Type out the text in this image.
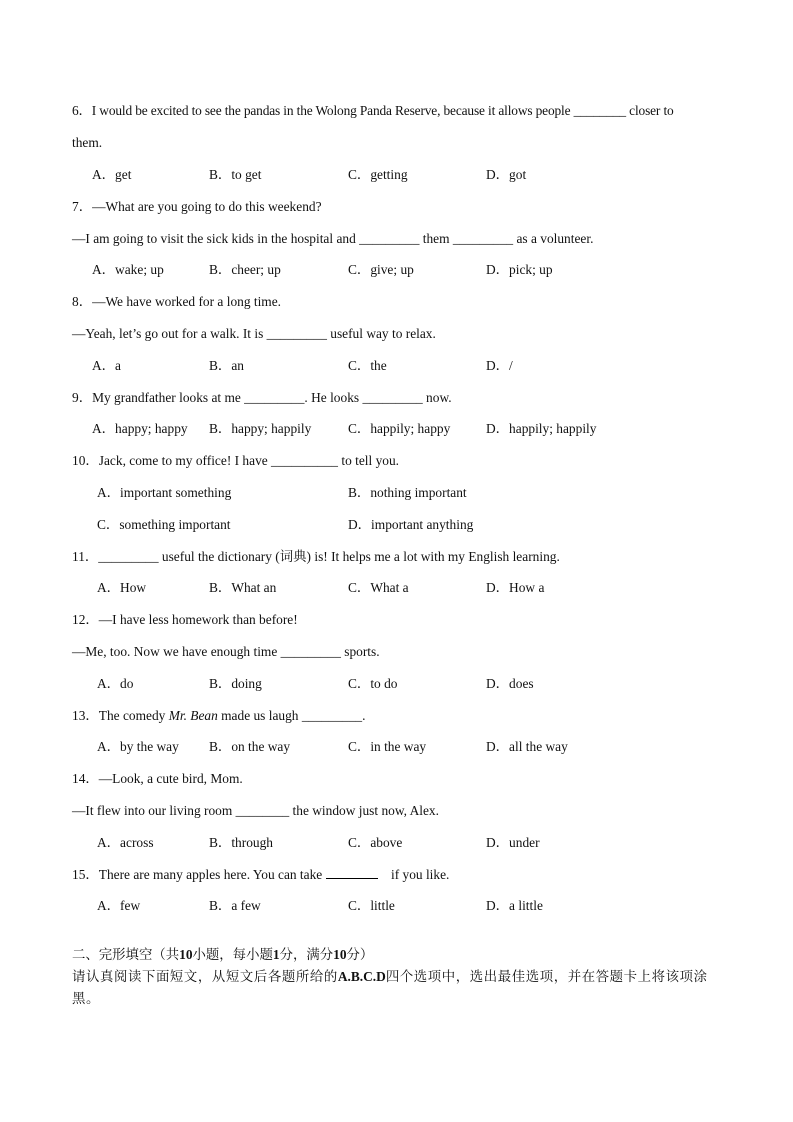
6．I would be excited to see the pandas in the Wolong Panda Reserve, because it allows people ________ closer to
them.
A．get	B．to get	C．getting	D．got
7．—What are you going to do this weekend?
—I am going to visit the sick kids in the hospital and _________ them _________ as a volunteer.
A．wake; up	B．cheer; up	C．give; up	D．pick; up
8．—We have worked for a long time.
—Yeah, let’s go out for a walk. It is _________ useful way to relax.
A．a	B．an	C．the	D．/
9．My grandfather looks at me _________. He looks _________ now.
A．happy; happy B．happy; happily	C．happily; happy	D．happily; happily
10．Jack, come to my office! I have __________ to tell you.
A．important something	B．nothing important
C．something important	D．important anything
11．_________ useful the dictionary (词典) is! It helps me a lot with my English learning.
A．How	B．What an	C．What a	D．How a
12．—I have less homework than before!
—Me, too. Now we have enough time _________ sports.
A．do	B．doing	C．to do	D．does
13．The comedy Mr. Bean made us laugh _________.
A．by the way B．on the way	C．in the way	D．all the way
14．—Look, a cute bird, Mom.
—It flew into our living room ________ the window just now, Alex.
A．across	B．through	C．above	D．under
15．There are many apples here. You can take	if you like.
A．few	B．a few	C．little	D．a little
二、完形填空（共10小题，每小题1分，满分10分）
请认真阅读下面短文，从短文后各题所给的A.B.C.D四个选项中，选出最佳选项，并在答题卡上将该项涂黑。
